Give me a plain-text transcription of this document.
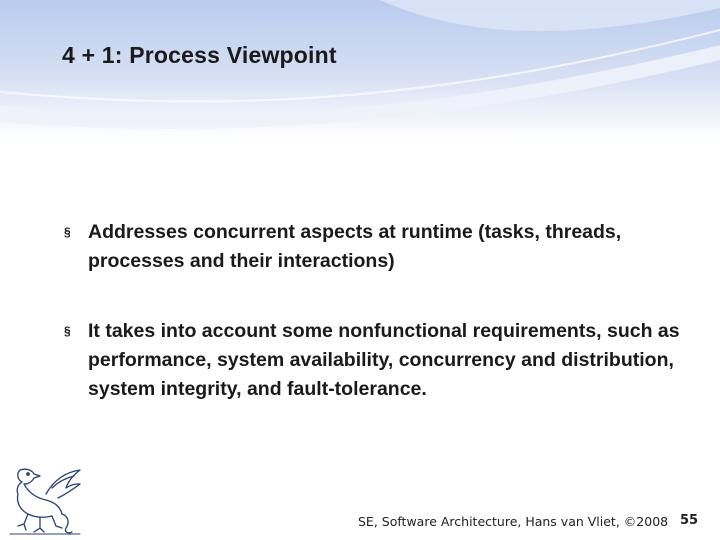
4 + 1: Process Viewpoint
§ Addresses concurrent aspects at runtime (tasks, threads, processes and their interactions)
§ It takes into account some nonfunctional requirements, such as performance, system availability, concurrency and distribution, system integrity, and fault-tolerance.
SE, Software Architecture, Hans van Vliet, ©2008 55
